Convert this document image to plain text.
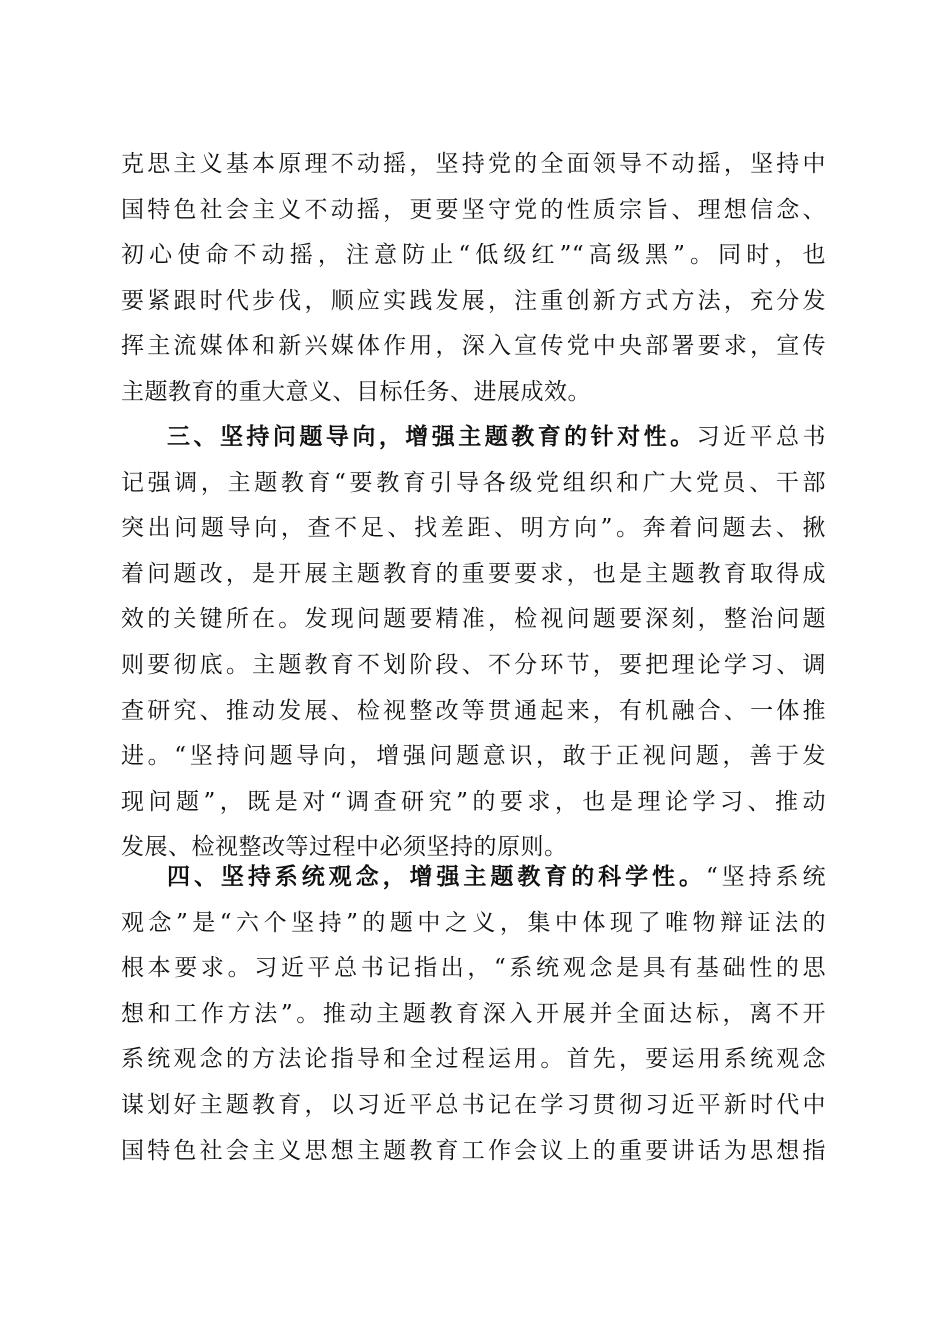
克思主义基本原理不动摇，坚持党的全面领导不动摇，坚持中
国特色社会主义不动摇，更要坚守党的性质宗旨、理想信念、
初心使命不动摇，注意防止“低级红”“高级黑”。同时，也
要紧跟时代步伐，顺应实践发展，注重创新方式方法，充分发
挥主流媒体和新兴媒体作用，深入宣传党中央部署要求，宣传
主题教育的重大意义、目标任务、进展成效。
三、坚持问题导向，增强主题教育的针对性。习近平总书
记强调，主题教育“要教育引导各级党组织和广大党员、干部
突出问题导向，查不足、找差距、明方向”。奔着问题去、揪
着问题改，是开展主题教育的重要要求，也是主题教育取得成
效的关键所在。发现问题要精准，检视问题要深刻，整治问题
则要彻底。主题教育不划阶段、不分环节，要把理论学习、调
查研究、推动发展、检视整改等贯通起来，有机融合、一体推
进。“坚持问题导向，增强问题意识，敢于正视问题，善于发
现问题”，既是对“调查研究”的要求，也是理论学习、推动
发展、检视整改等过程中必须坚持的原则。
四、坚持系统观念，增强主题教育的科学性。“坚持系统
观念”是“六个坚持”的题中之义，集中体现了唯物辩证法的
根本要求。习近平总书记指出，“系统观念是具有基础性的思
想和工作方法”。推动主题教育深入开展并全面达标，离不开
系统观念的方法论指导和全过程运用。首先，要运用系统观念
谋划好主题教育，以习近平总书记在学习贯彻习近平新时代中
国特色社会主义思想主题教育工作会议上的重要讲话为思想指
